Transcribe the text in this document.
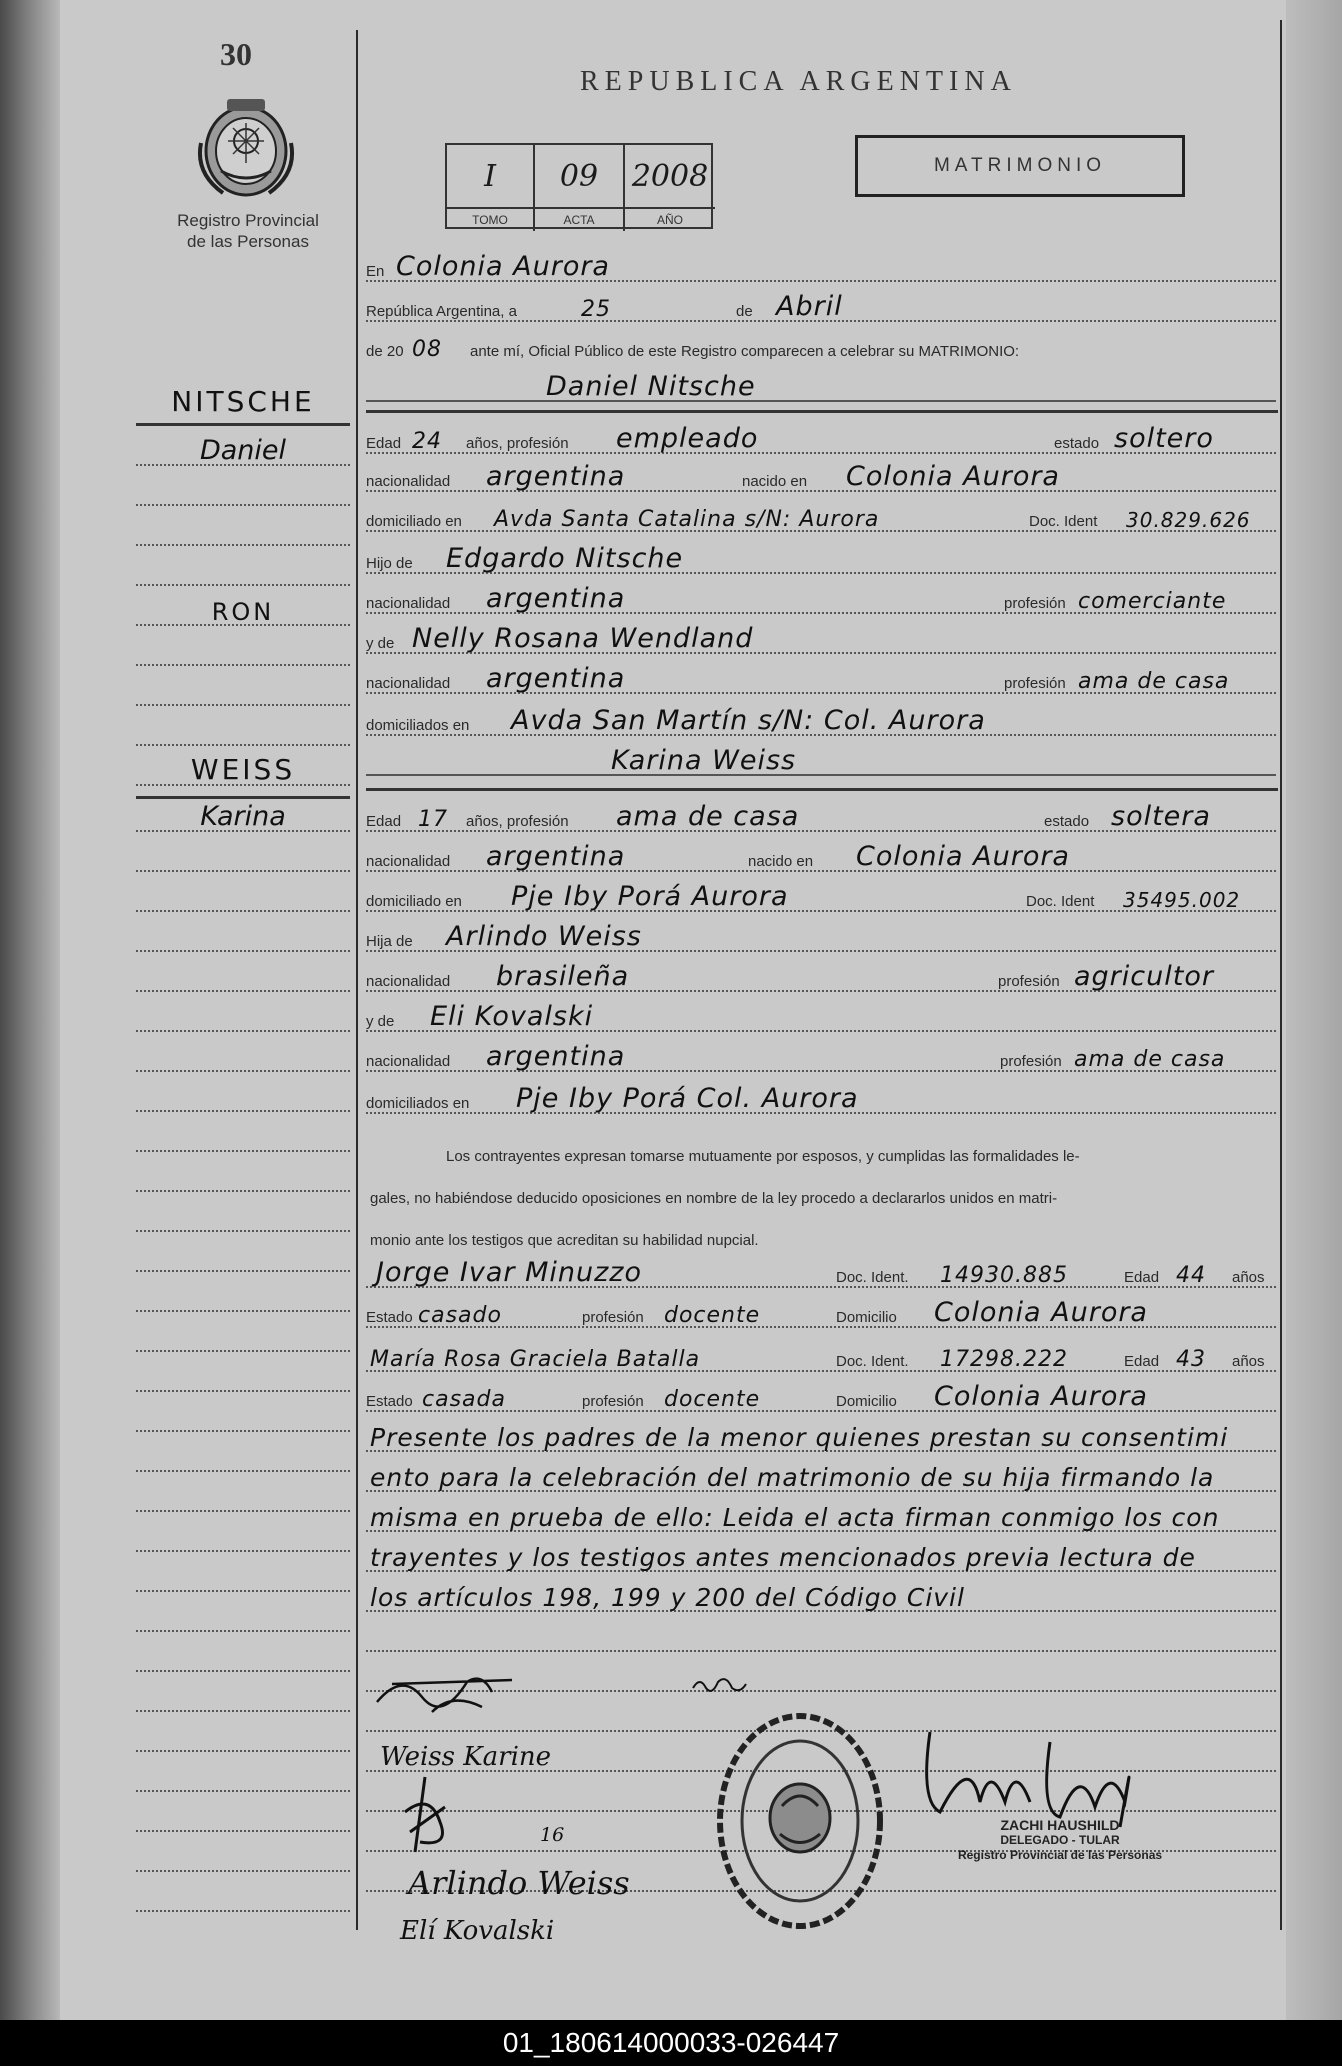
30
Registro Provincial
de las Personas
REPUBLICA ARGENTINA
I	09	2008
TOMO	ACTA	AÑO
MATRIMONIO
En Colonia Aurora
República Argentina, a	25	de Abril
de 20 08 ante mí, Oficial Público de este Registro comparecen a celebrar su MATRIMONIO:
Daniel Nitsche
Edad 24 años, profesión empleado	estado soltero
nacionalidad argentina	nacido en Colonia Aurora
domiciliado en Avda Santa Catalina s/N: Aurora	Doc. Ident 30.829.626
Hijo de Edgardo Nitsche
nacionalidad argentina	profesión comerciante
y de Nelly Rosana Wendland
nacionalidad argentina	profesión ama de casa
domiciliados en Avda San Martín s/N: Col. Aurora
Karina Weiss
Edad 17 años, profesión ama de casa	estado soltera
nacionalidad argentina	nacido en Colonia Aurora
domiciliado en Pje Iby Porá Aurora	Doc. Ident 35495.002
Hija de Arlindo Weiss
nacionalidad brasileña	profesión agricultor
y de Eli Kovalski
nacionalidad argentina	profesión ama de casa
domiciliados en Pje Iby Porá Col. Aurora
Los contrayentes expresan tomarse mutuamente por esposos, y cumplidas las formalidades le-
gales, no habiéndose deducido oposiciones en nombre de la ley procedo a declararlos unidos en matri-
monio ante los testigos que acreditan su habilidad nupcial.
Jorge Ivar Minuzzo	Doc. Ident. 14930.885	Edad 44 años
Estado casado	profesión docente	Domicilio Colonia Aurora
María Rosa Graciela Batalla	Doc. Ident. 17298.222	Edad 43 años
Estado casada	profesión docente	Domicilio Colonia Aurora
Presente los padres de la menor quienes prestan su consentimi
ento para la celebración del matrimonio de su hija firmando la
misma en prueba de ello: Leida el acta firman conmigo los con
trayentes y los testigos antes mencionados previa lectura de
los artículos 198, 199 y 200 del Código Civil
Weiss Karine
16
Arlindo Weiss
Elí Kovalski
ZACHI HAUSHILD
DELEGADO - TULAR
Registro Provincial de las Personas
NITSCHE
Daniel
RON
WEISS
Karina
01_180614000033-026447
